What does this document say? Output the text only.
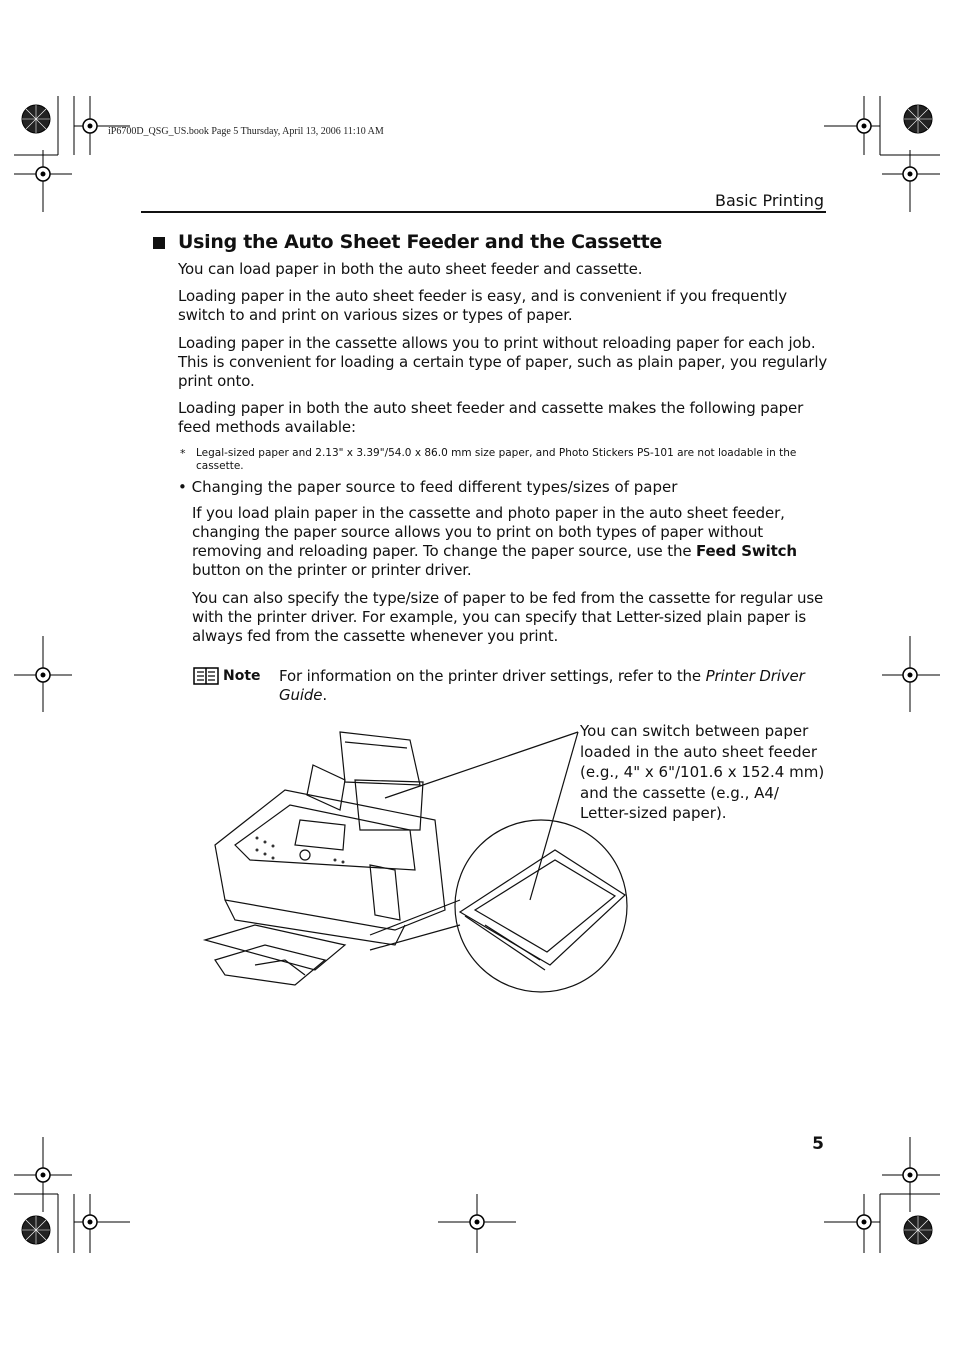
iP6700D_QSG_US.book Page 5 Thursday, April 13, 2006 11:10 AM
Basic Printing
Using the Auto Sheet Feeder and the Cassette
You can load paper in both the auto sheet feeder and cassette.
Loading paper in the auto sheet feeder is easy, and is convenient if you frequently switch to and print on various sizes or types of paper.
Loading paper in the cassette allows you to print without reloading paper for each job. This is convenient for loading a certain type of paper, such as plain paper, you regularly print onto.
Loading paper in both the auto sheet feeder and cassette makes the following paper feed methods available:
* Legal-sized paper and 2.13" x 3.39"/54.0 x 86.0 mm size paper, and Photo Stickers PS-101 are not loadable in the cassette.
• Changing the paper source to feed different types/sizes of paper
If you load plain paper in the cassette and photo paper in the auto sheet feeder, changing the paper source allows you to print on both types of paper without removing and reloading paper. To change the paper source, use the Feed Switch button on the printer or printer driver.
You can also specify the type/size of paper to be fed from the cassette for regular use with the printer driver. For example, you can specify that Letter-sized plain paper is always fed from the cassette whenever you print.
Note For information on the printer driver settings, refer to the Printer Driver Guide.
You can switch between paper loaded in the auto sheet feeder (e.g., 4" x 6"/101.6 x 152.4 mm) and the cassette (e.g., A4/ Letter-sized paper).
5
